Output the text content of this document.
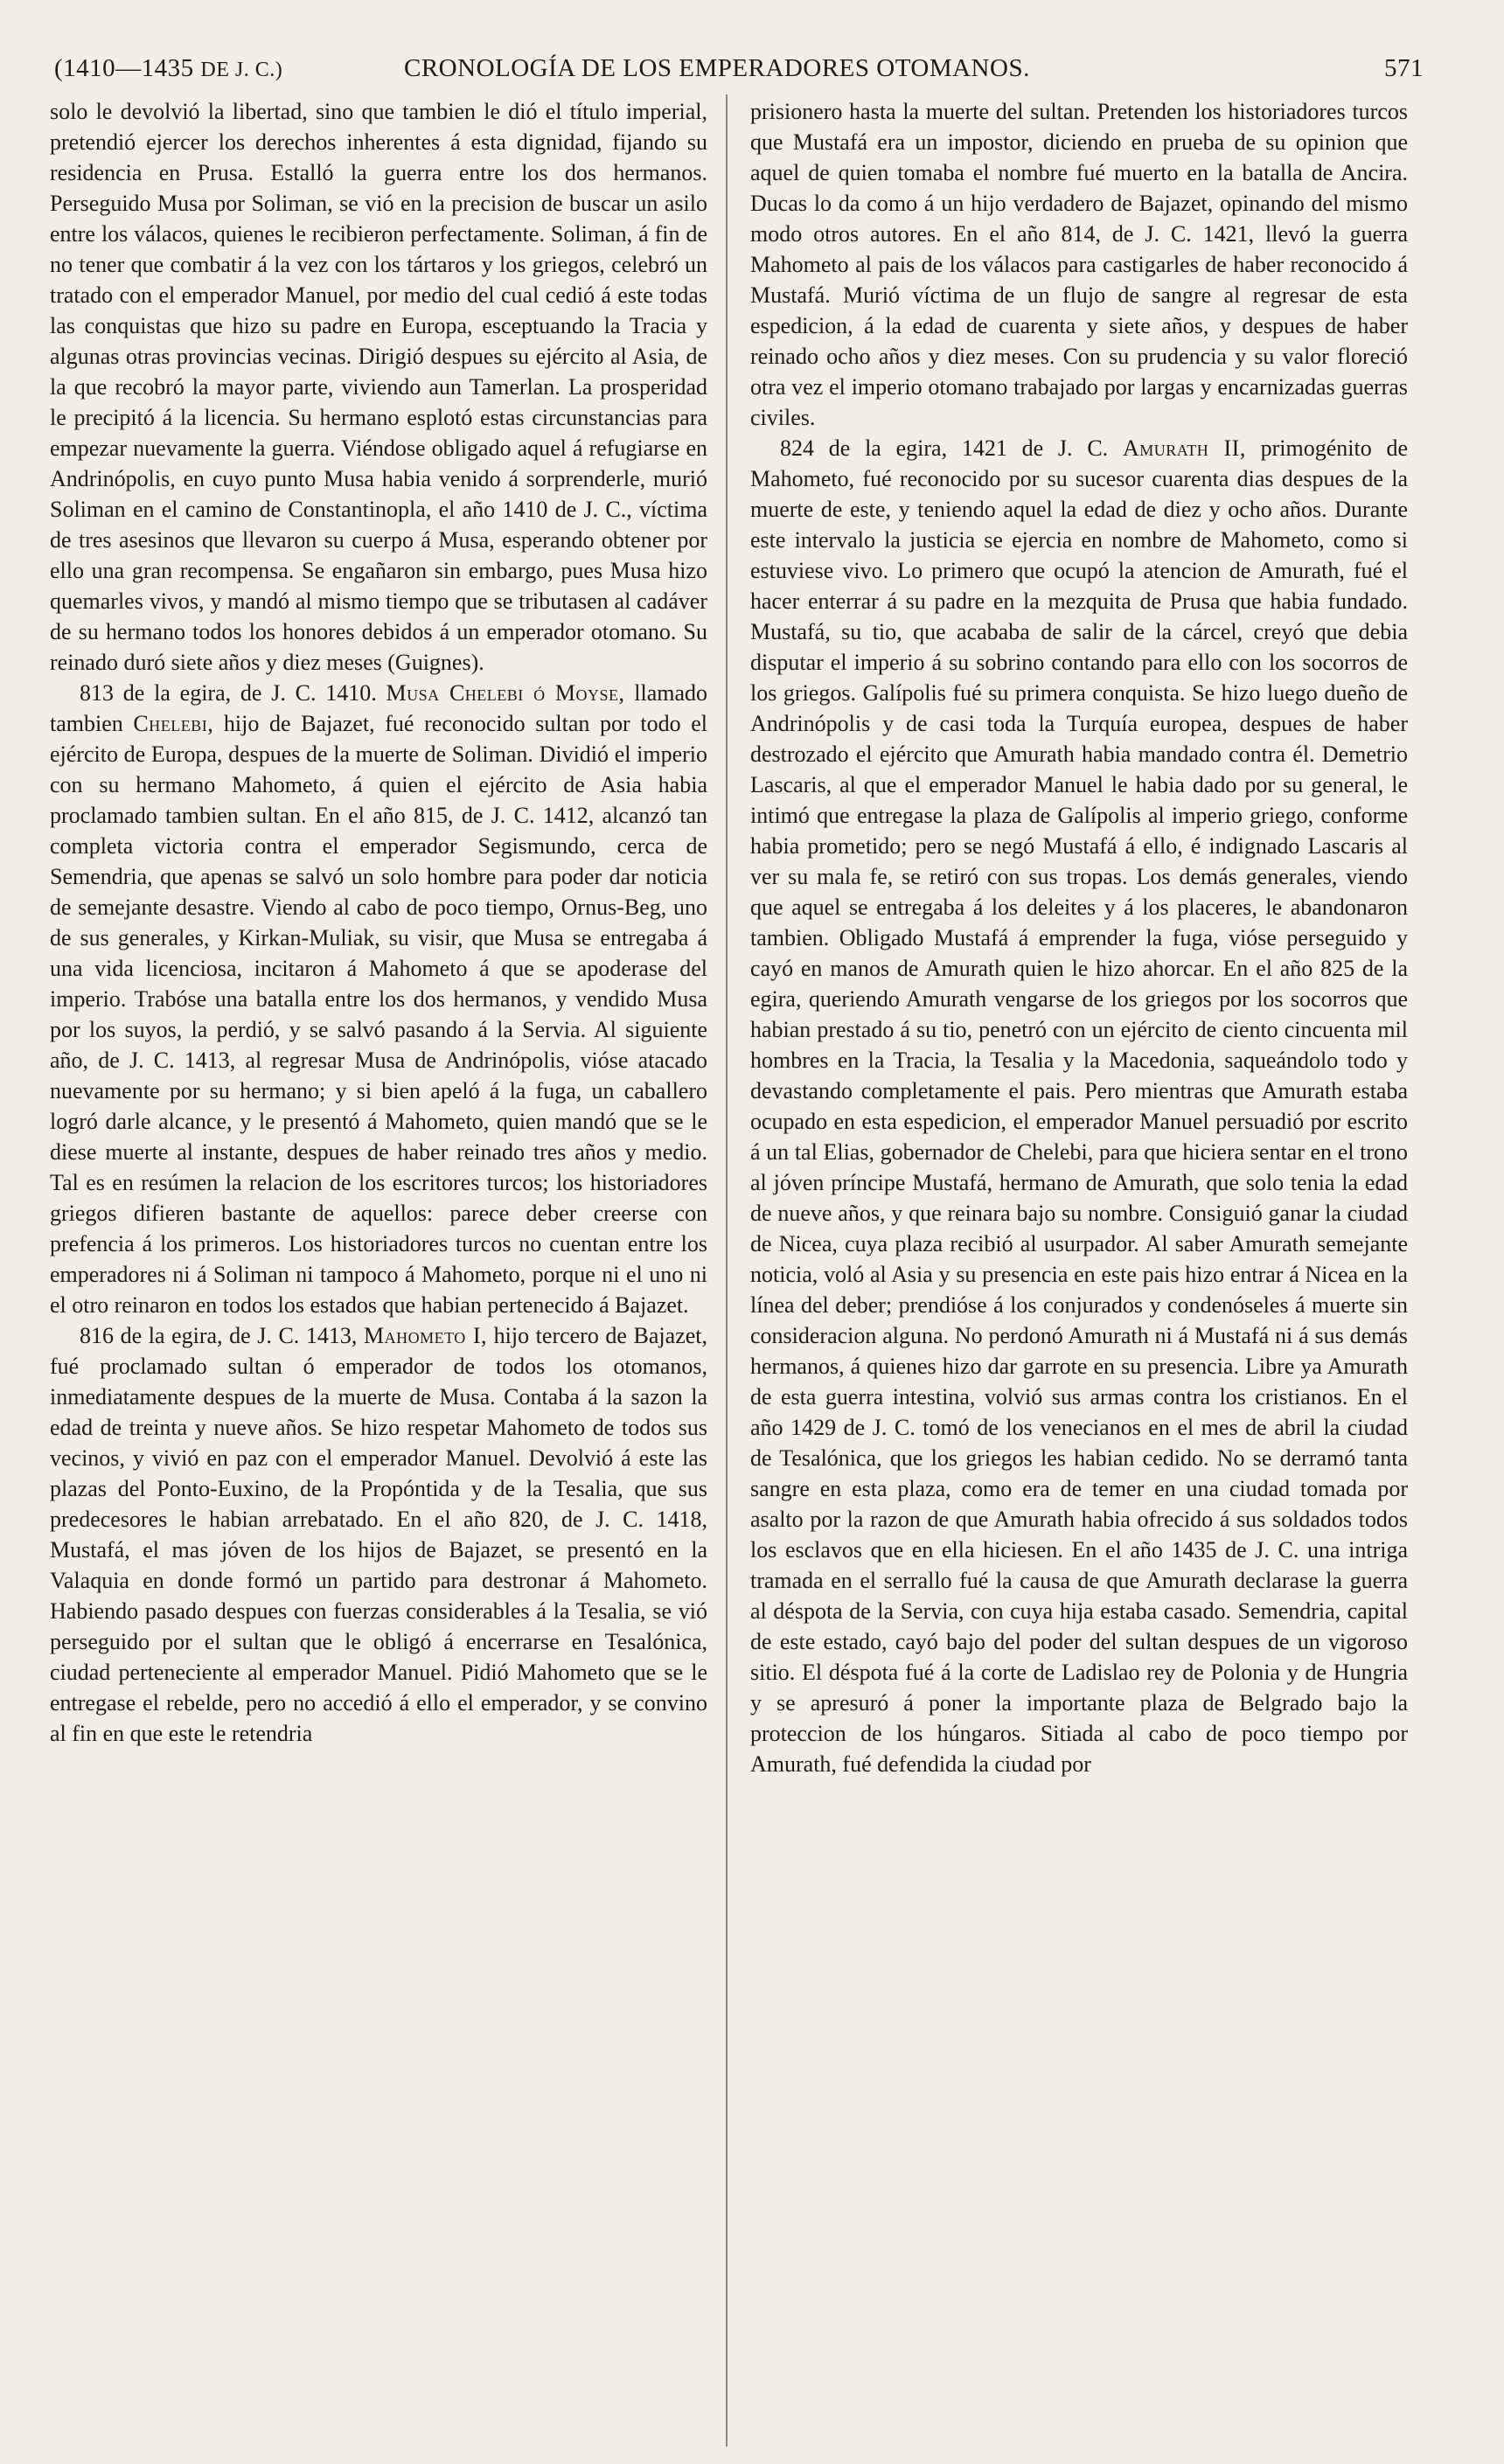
(1410—1435 DE J. C.)	CRONOLOGÍA DE LOS EMPERADORES OTOMANOS.	571

solo le devolvió la libertad, sino que tambien le dió el título imperial, pretendió ejercer los derechos inherentes á esta dignidad, fijando su residencia en Prusa. Estalló la guerra entre los dos hermanos. Perseguido Musa por Soliman, se vió en la precision de buscar un asilo entre los válacos, quienes le recibieron perfectamente. Soliman, á fin de no tener que combatir á la vez con los tártaros y los griegos, celebró un tratado con el emperador Manuel, por medio del cual cedió á este todas las conquistas que hizo su padre en Europa, esceptuando la Tracia y algunas otras provincias vecinas. Dirigió despues su ejército al Asia, de la que recobró la mayor parte, viviendo aun Tamerlan. La prosperidad le precipitó á la licencia. Su hermano esplotó estas circunstancias para empezar nuevamente la guerra. Viéndose obligado aquel á refugiarse en Andrinópolis, en cuyo punto Musa habia venido á sorprenderle, murió Soliman en el camino de Constantinopla, el año 1410 de J. C., víctima de tres asesinos que llevaron su cuerpo á Musa, esperando obtener por ello una gran recompensa. Se engañaron sin embargo, pues Musa hizo quemarles vivos, y mandó al mismo tiempo que se tributasen al cadáver de su hermano todos los honores debidos á un emperador otomano. Su reinado duró siete años y diez meses (Guignes).

813 de la egira, de J. C. 1410. Musa Chelebi ó Moyse, llamado tambien Chelebi, hijo de Bajazet, fué reconocido sultan por todo el ejército de Europa, despues de la muerte de Soliman. Dividió el imperio con su hermano Mahometo, á quien el ejército de Asia habia proclamado tambien sultan. En el año 815, de J. C. 1412, alcanzó tan completa victoria contra el emperador Segismundo, cerca de Semendria, que apenas se salvó un solo hombre para poder dar noticia de semejante desastre. Viendo al cabo de poco tiempo, Ornus-Beg, uno de sus generales, y Kirkan-Muliak, su visir, que Musa se entregaba á una vida licenciosa, incitaron á Mahometo á que se apoderase del imperio. Trabóse una batalla entre los dos hermanos, y vendido Musa por los suyos, la perdió, y se salvó pasando á la Servia. Al siguiente año, de J. C. 1413, al regresar Musa de Andrinópolis, vióse atacado nuevamente por su hermano; y si bien apeló á la fuga, un caballero logró darle alcance, y le presentó á Mahometo, quien mandó que se le diese muerte al instante, despues de haber reinado tres años y medio. Tal es en resúmen la relacion de los escritores turcos; los historiadores griegos difieren bastante de aquellos: parece deber creerse con prefencia á los primeros. Los historiadores turcos no cuentan entre los emperadores ni á Soliman ni tampoco á Mahometo, porque ni el uno ni el otro reinaron en todos los estados que habian pertenecido á Bajazet.

816 de la egira, de J. C. 1413, Mahometo I, hijo tercero de Bajazet, fué proclamado sultan ó emperador de todos los otomanos, inmediatamente despues de la muerte de Musa. Contaba á la sazon la edad de treinta y nueve años. Se hizo respetar Mahometo de todos sus vecinos, y vivió en paz con el emperador Manuel. Devolvió á este las plazas del Ponto-Euxino, de la Propóntida y de la Tesalia, que sus predecesores le habian arrebatado. En el año 820, de J. C. 1418, Mustafá, el mas jóven de los hijos de Bajazet, se presentó en la Valaquia en donde formó un partido para destronar á Mahometo. Habiendo pasado despues con fuerzas considerables á la Tesalia, se vió perseguido por el sultan que le obligó á encerrarse en Tesalónica, ciudad perteneciente al emperador Manuel. Pidió Mahometo que se le entregase el rebelde, pero no accedió á ello el emperador, y se convino al fin en que este le retendria

prisionero hasta la muerte del sultan. Pretenden los historiadores turcos que Mustafá era un impostor, diciendo en prueba de su opinion que aquel de quien tomaba el nombre fué muerto en la batalla de Ancira. Ducas lo da como á un hijo verdadero de Bajazet, opinando del mismo modo otros autores. En el año 814, de J. C. 1421, llevó la guerra Mahometo al pais de los válacos para castigarles de haber reconocido á Mustafá. Murió víctima de un flujo de sangre al regresar de esta espedicion, á la edad de cuarenta y siete años, y despues de haber reinado ocho años y diez meses. Con su prudencia y su valor floreció otra vez el imperio otomano trabajado por largas y encarnizadas guerras civiles.

824 de la egira, 1421 de J. C. Amurath II, primogénito de Mahometo, fué reconocido por su sucesor cuarenta dias despues de la muerte de este, y teniendo aquel la edad de diez y ocho años. Durante este intervalo la justicia se ejercia en nombre de Mahometo, como si estuviese vivo. Lo primero que ocupó la atencion de Amurath, fué el hacer enterrar á su padre en la mezquita de Prusa que habia fundado. Mustafá, su tio, que acababa de salir de la cárcel, creyó que debia disputar el imperio á su sobrino contando para ello con los socorros de los griegos. Galípolis fué su primera conquista. Se hizo luego dueño de Andrinópolis y de casi toda la Turquía europea, despues de haber destrozado el ejército que Amurath habia mandado contra él. Demetrio Lascaris, al que el emperador Manuel le habia dado por su general, le intimó que entregase la plaza de Galípolis al imperio griego, conforme habia prometido; pero se negó Mustafá á ello, é indignado Lascaris al ver su mala fe, se retiró con sus tropas. Los demás generales, viendo que aquel se entregaba á los deleites y á los placeres, le abandonaron tambien. Obligado Mustafá á emprender la fuga, vióse perseguido y cayó en manos de Amurath quien le hizo ahorcar. En el año 825 de la egira, queriendo Amurath vengarse de los griegos por los socorros que habian prestado á su tio, penetró con un ejército de ciento cincuenta mil hombres en la Tracia, la Tesalia y la Macedonia, saqueándolo todo y devastando completamente el pais. Pero mientras que Amurath estaba ocupado en esta espedicion, el emperador Manuel persuadió por escrito á un tal Elias, gobernador de Chelebi, para que hiciera sentar en el trono al jóven príncipe Mustafá, hermano de Amurath, que solo tenia la edad de nueve años, y que reinara bajo su nombre. Consiguió ganar la ciudad de Nicea, cuya plaza recibió al usurpador. Al saber Amurath semejante noticia, voló al Asia y su presencia en este pais hizo entrar á Nicea en la línea del deber; prendióse á los conjurados y condenóseles á muerte sin consideracion alguna. No perdonó Amurath ni á Mustafá ni á sus demás hermanos, á quienes hizo dar garrote en su presencia. Libre ya Amurath de esta guerra intestina, volvió sus armas contra los cristianos. En el año 1429 de J. C. tomó de los venecianos en el mes de abril la ciudad de Tesalónica, que los griegos les habian cedido. No se derramó tanta sangre en esta plaza, como era de temer en una ciudad tomada por asalto por la razon de que Amurath habia ofrecido á sus soldados todos los esclavos que en ella hiciesen. En el año 1435 de J. C. una intriga tramada en el serrallo fué la causa de que Amurath declarase la guerra al déspota de la Servia, con cuya hija estaba casado. Semendria, capital de este estado, cayó bajo del poder del sultan despues de un vigoroso sitio. El déspota fué á la corte de Ladislao rey de Polonia y de Hungria y se apresuró á poner la importante plaza de Belgrado bajo la proteccion de los húngaros. Sitiada al cabo de poco tiempo por Amurath, fué defendida la ciudad por
